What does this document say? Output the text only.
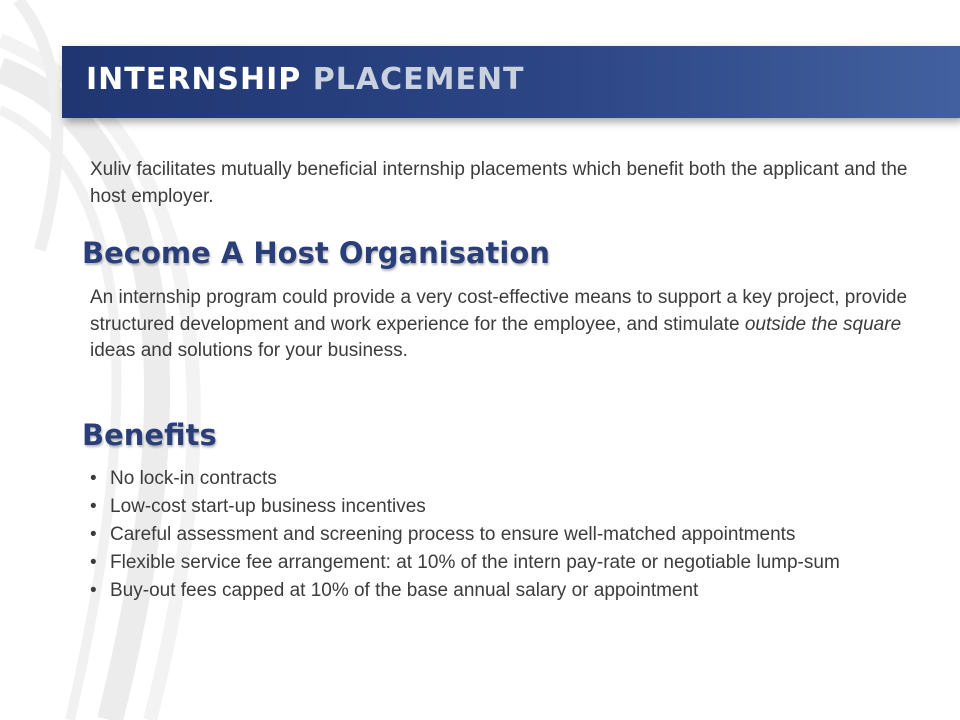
INTERNSHIP PLACEMENT
Xuliv facilitates mutually beneficial internship placements which benefit both the applicant and the host employer.
Become A Host Organisation
An internship program could provide a very cost-effective means to support a key project, provide structured development and work experience for the employee, and stimulate outside the square ideas and solutions for your business.
Benefits
• No lock-in contracts
• Low-cost start-up business incentives
• Careful assessment and screening process to ensure well-matched appointments
• Flexible service fee arrangement: at 10% of the intern pay-rate or negotiable lump-sum
• Buy-out fees capped at 10% of the base annual salary or appointment
